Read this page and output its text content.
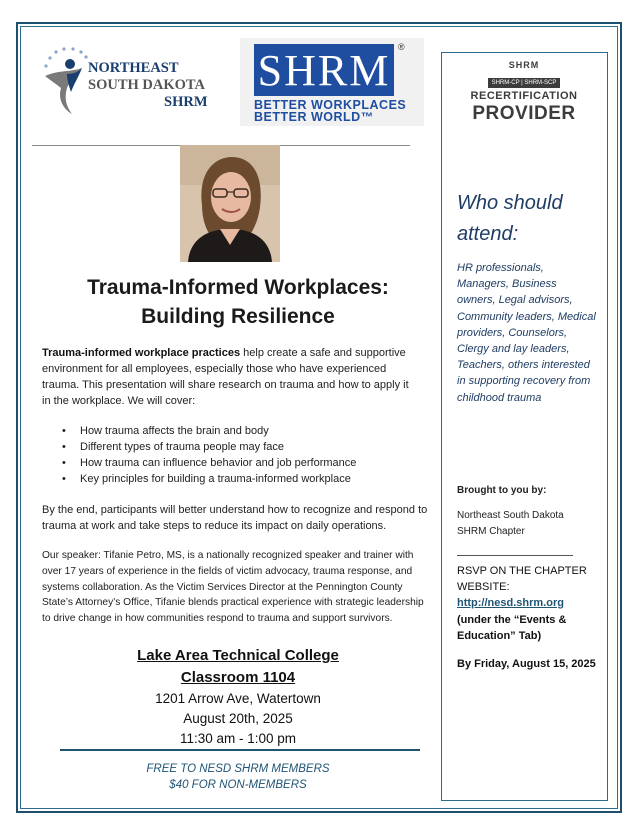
NORTHEAST
SOUTH DAKOTA
SHRM
SHRM ®
BETTER WORKPLACES
BETTER WORLD™
Trauma-Informed Workplaces:
Building Resilience
Trauma-informed workplace practices help create a safe and supportive environment for all employees, especially those who have experienced trauma. This presentation will share research on trauma and how to apply it in the workplace. We will cover:
• How trauma affects the brain and body
• Different types of trauma people may face
• How trauma can influence behavior and job performance
• Key principles for building a trauma-informed workplace
By the end, participants will better understand how to recognize and respond to trauma at work and take steps to reduce its impact on daily operations.
Our speaker: Tifanie Petro, MS, is a nationally recognized speaker and trainer with over 17 years of experience in the fields of victim advocacy, trauma response, and systems collaboration. As the Victim Services Director at the Pennington County State’s Attorney’s Office, Tifanie blends practical experience with strategic leadership to drive change in how communities respond to trauma and support survivors.
Lake Area Technical College
Classroom 1104
1201 Arrow Ave, Watertown
August 20th, 2025
11:30 am - 1:00 pm
FREE TO NESD SHRM MEMBERS
$40 FOR NON-MEMBERS
SHRM
SHRM-CP | SHRM-SCP
RECERTIFICATION
PROVIDER
Who should
attend:
HR professionals, Managers, Business owners, Legal advisors, Community leaders, Medical providers, Counselors, Clergy and lay leaders, Teachers, others interested in supporting recovery from childhood trauma
Brought to you by:
Northeast South Dakota
SHRM Chapter
RSVP ON THE CHAPTER WEBSITE:
http://nesd.shrm.org
(under the “Events & Education” Tab)
By Friday, August 15, 2025
